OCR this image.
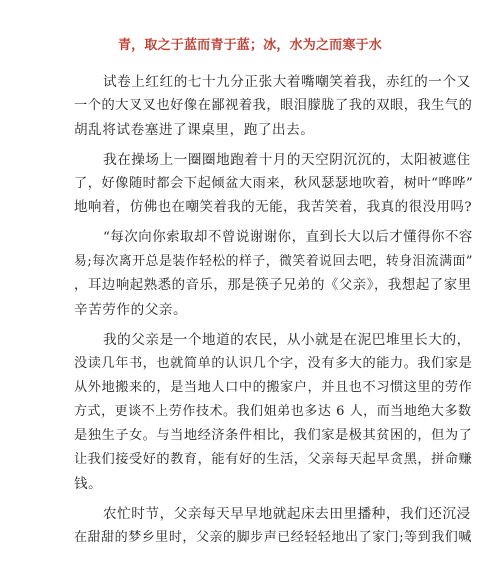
青，取之于蓝而青于蓝；冰，水为之而寒于水
试卷上红红的七十九分正张大着嘴嘲笑着我，赤红的一个又
一个的大叉叉也好像在鄙视着我，眼泪朦胧了我的双眼，我生气的
胡乱将试卷塞进了课桌里，跑了出去。
我在操场上一圈圈地跑着十月的天空阴沉沉的，太阳被遮住
了，好像随时都会下起倾盆大雨来，秋风瑟瑟地吹着，树叶“哗哗”
地响着，仿佛也在嘲笑着我的无能，我苦笑着，我真的很没用吗?
“每次向你索取却不曾说谢谢你，直到长大以后才懂得你不容
易;每次离开总是装作轻松的样子，微笑着说回去吧，转身泪流满面”
，耳边响起熟悉的音乐，那是筷子兄弟的《父亲》，我想起了家里
辛苦劳作的父亲。
我的父亲是一个地道的农民，从小就是在泥巴堆里长大的，
没读几年书，也就简单的认识几个字，没有多大的能力。我们家是
从外地搬来的，是当地人口中的搬家户，并且也不习惯这里的劳作
方式，更谈不上劳作技术。我们姐弟也多达 6 人，而当地绝大多数
是独生子女。与当地经济条件相比，我们家是极其贫困的，但为了
让我们接受好的教育，能有好的生活，父亲每天起早贪黑，拼命赚
钱。
农忙时节，父亲每天早早地就起床去田里播种，我们还沉浸
在甜甜的梦乡里时，父亲的脚步声已经轻轻地出了家门;等到我们喊
